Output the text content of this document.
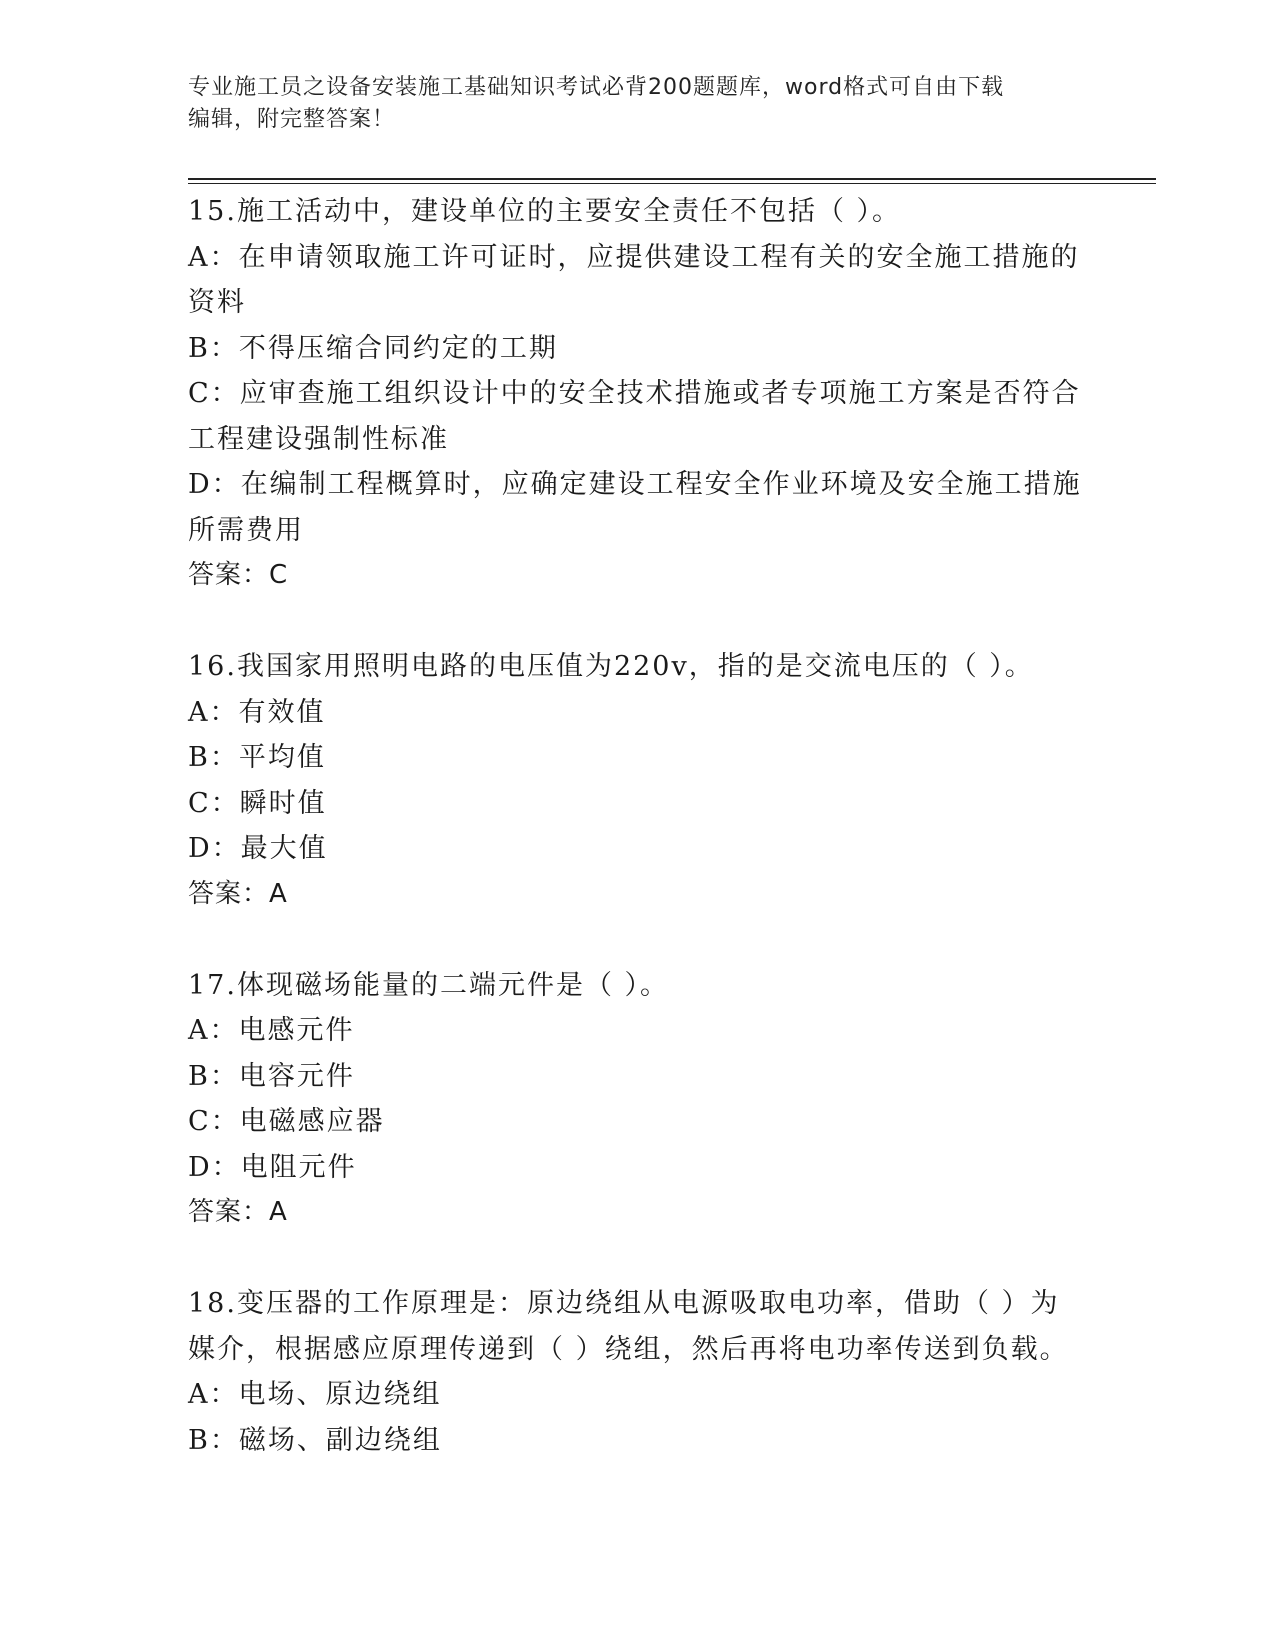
专业施工员之设备安装施工基础知识考试必背200题题库，word格式可自由下载
编辑，附完整答案！
15.施工活动中，建设单位的主要安全责任不包括（ ）。
A：在申请领取施工许可证时，应提供建设工程有关的安全施工措施的
资料
B：不得压缩合同约定的工期
C：应审查施工组织设计中的安全技术措施或者专项施工方案是否符合
工程建设强制性标准
D：在编制工程概算时，应确定建设工程安全作业环境及安全施工措施
所需费用
答案：C
16.我国家用照明电路的电压值为220v，指的是交流电压的（ ）。
A：有效值
B：平均值
C：瞬时值
D：最大值
答案：A
17.体现磁场能量的二端元件是（ ）。
A：电感元件
B：电容元件
C：电磁感应器
D：电阻元件
答案：A
18.变压器的工作原理是：原边绕组从电源吸取电功率，借助（ ）为
媒介，根据感应原理传递到（ ）绕组，然后再将电功率传送到负载。
A：电场、原边绕组
B：磁场、副边绕组
